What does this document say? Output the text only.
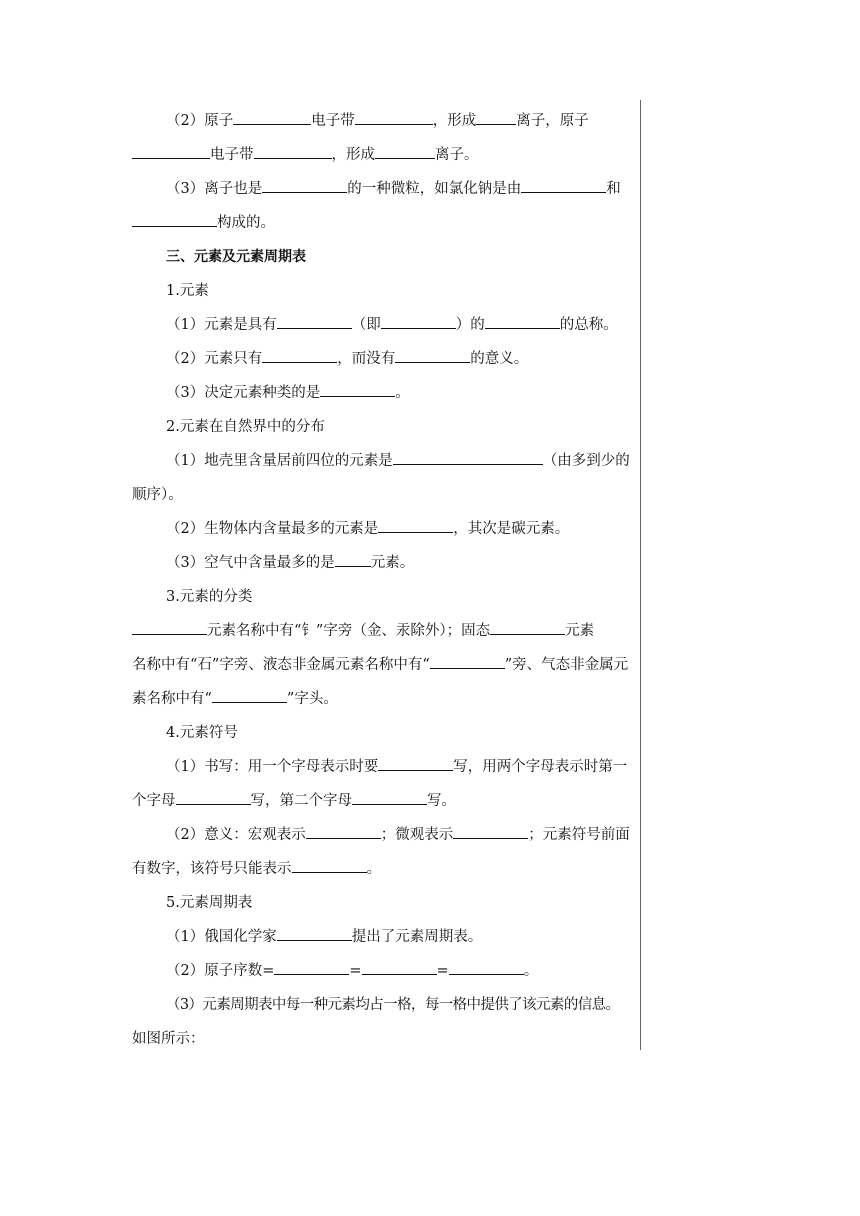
（2）原子	电子带	，形成	离子，原子

电子带	，形成	离子。

（3）离子也是	的一种微粒，如氯化钠是由	和

构成的。

三、元素及元素周期表

1.元素

（1）元素是具有	（即	）的	的总称。

（2）元素只有	，而没有	的意义。

（3）决定元素种类的是	。

2.元素在自然界中的分布

（1）地壳里含量居前四位的元素是	（由多到少的

顺序）。

（2）生物体内含量最多的元素是	，其次是碳元素。

（3）空气中含量最多的是 元素。

3.元素的分类

元素名称中有“钅”字旁（金、汞除外）；固态	元素

名称中有“石”字旁、液态非金属元素名称中有“	”旁、气态非金属元

素名称中有“	”字头。

4.元素符号

（1）书写：用一个字母表示时要	写，用两个字母表示时第一

个字母	写，第二个字母	写。

（2）意义：宏观表示	；微观表示	；元素符号前面

有数字，该符号只能表示	。

5.元素周期表

（1）俄国化学家	提出了元素周期表。

（2）原子序数=	=	=	。

（3）元素周期表中每一种元素均占一格，每一格中提供了该元素的信息。

如图所示：
